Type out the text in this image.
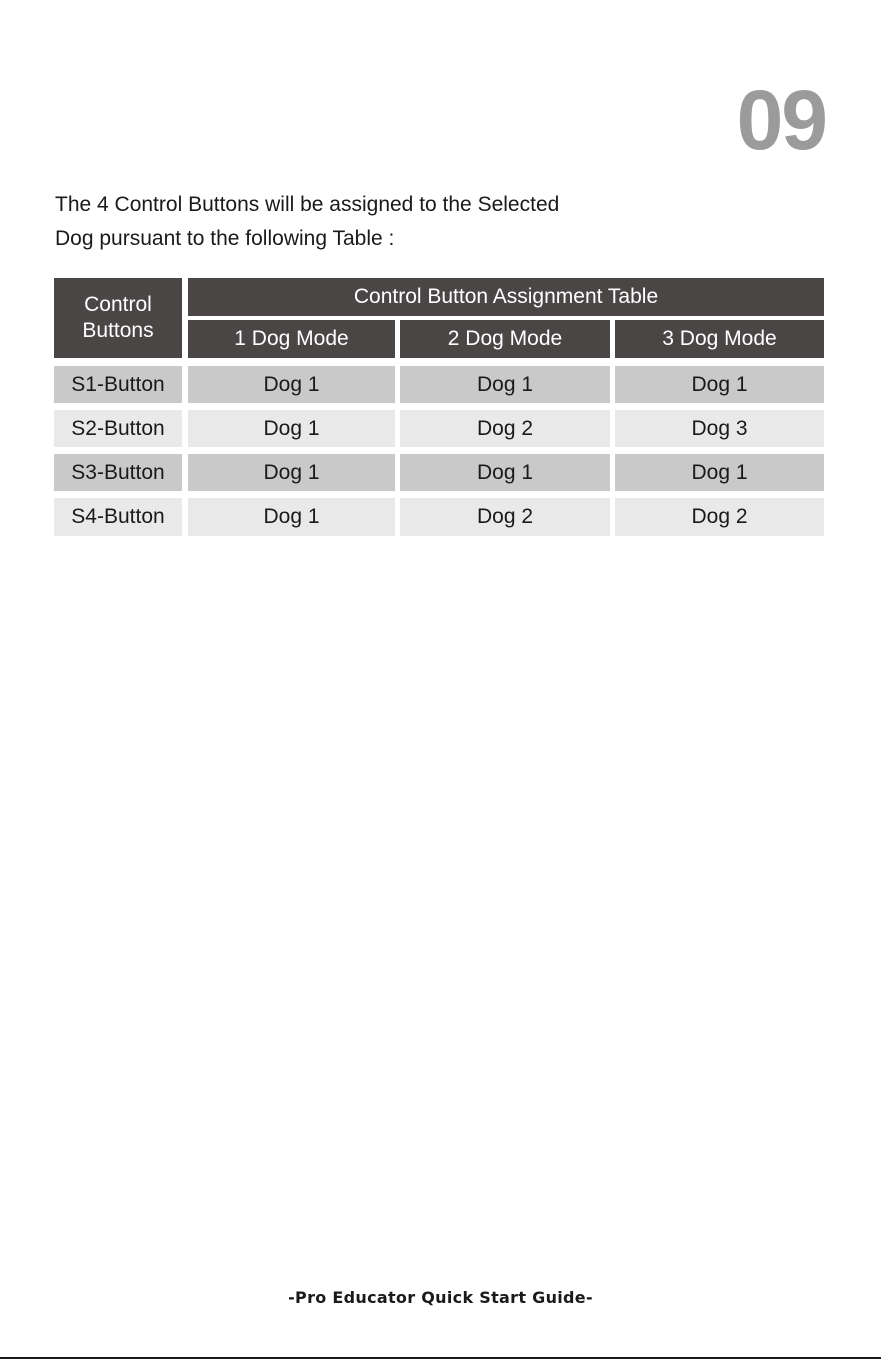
09

The 4 Control Buttons will be assigned to the Selected

Dog pursuant to the following Table :

Control
Buttons
Control Button Assignment Table
1 Dog Mode	2 Dog Mode	3 Dog Mode
S1-Button	Dog 1	Dog 1	Dog 1
S2-Button	Dog 1	Dog 2	Dog 3
S3-Button	Dog 1	Dog 1	Dog 1
S4-Button	Dog 1	Dog 2	Dog 2
-Pro Educator Quick Start Guide-
